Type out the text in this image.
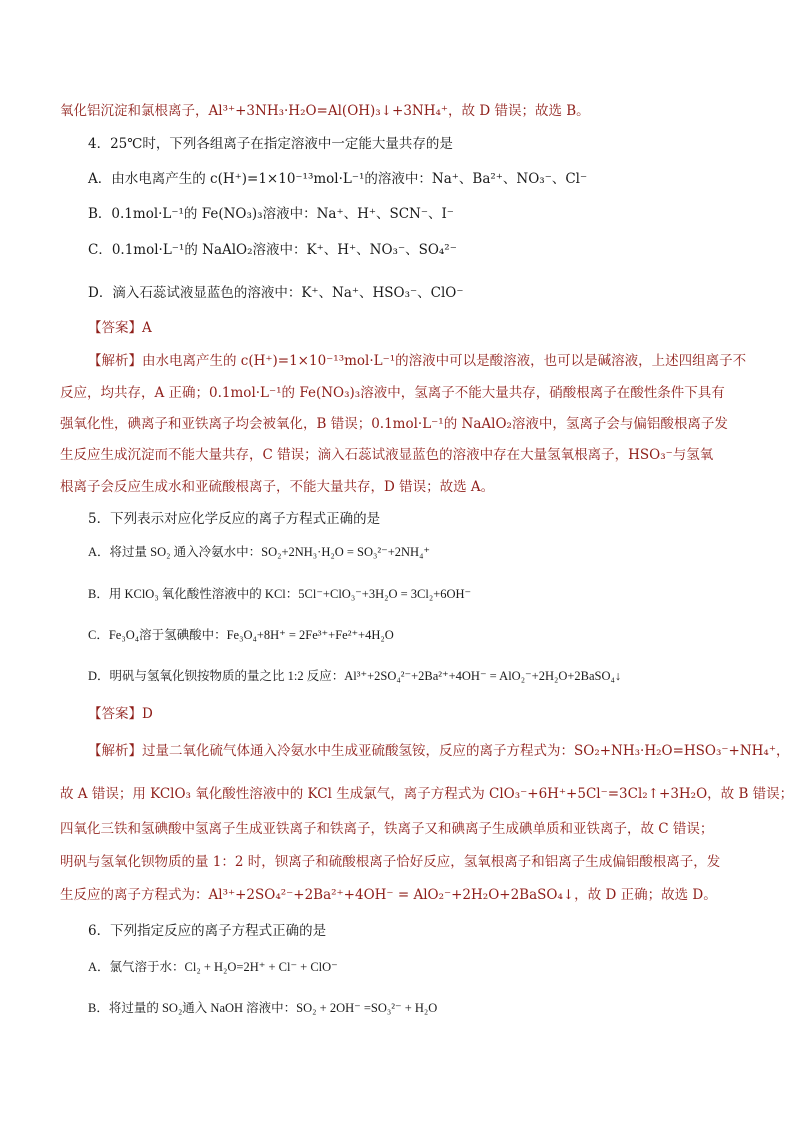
氧化铝沉淀和氯根离子，Al³⁺+3NH₃·H₂O=Al(OH)₃↓+3NH₄⁺，故 D 错误；故选 B。
4．25℃时，下列各组离子在指定溶液中一定能大量共存的是
A．由水电离产生的 c(H⁺)=1×10⁻¹³mol·L⁻¹的溶液中：Na⁺、Ba²⁺、NO₃⁻、Cl⁻
B．0.1mol·L⁻¹的 Fe(NO₃)₃溶液中：Na⁺、H⁺、SCN⁻、I⁻
C．0.1mol·L⁻¹的 NaAlO₂溶液中：K⁺、H⁺、NO₃⁻、SO₄²⁻
D．滴入石蕊试液显蓝色的溶液中：K⁺、Na⁺、HSO₃⁻、ClO⁻
【答案】A
【解析】由水电离产生的 c(H⁺)=1×10⁻¹³mol·L⁻¹的溶液中可以是酸溶液，也可以是碱溶液，上述四组离子不
反应，均共存，A 正确；0.1mol·L⁻¹的 Fe(NO₃)₃溶液中，氢离子不能大量共存，硝酸根离子在酸性条件下具有
强氧化性，碘离子和亚铁离子均会被氧化，B 错误；0.1mol·L⁻¹的 NaAlO₂溶液中，氢离子会与偏铝酸根离子发
生反应生成沉淀而不能大量共存，C 错误；滴入石蕊试液显蓝色的溶液中存在大量氢氧根离子，HSO₃⁻与氢氧
根离子会反应生成水和亚硫酸根离子，不能大量共存，D 错误；故选 A。
5．下列表示对应化学反应的离子方程式正确的是
A．将过量 SO₂ 通入冷氨水中：SO₂+2NH₃·H₂O = SO₃²⁻+2NH₄⁺
B．用 KClO₃ 氧化酸性溶液中的 KCl：5Cl⁻+ClO₃⁻+3H₂O = 3Cl₂+6OH⁻
C．Fe₃O₄溶于氢碘酸中：Fe₃O₄+8H⁺ = 2Fe³⁺+Fe²⁺+4H₂O
D．明矾与氢氧化钡按物质的量之比 1:2 反应：Al³⁺+2SO₄²⁻+2Ba²⁺+4OH⁻ = AlO₂⁻+2H₂O+2BaSO₄↓
【答案】D
【解析】过量二氧化硫气体通入冷氨水中生成亚硫酸氢铵，反应的离子方程式为：SO₂+NH₃·H₂O=HSO₃⁻+NH₄⁺，
故 A 错误；用 KClO₃ 氧化酸性溶液中的 KCl 生成氯气，离子方程式为 ClO₃⁻+6H⁺+5Cl⁻=3Cl₂↑+3H₂O，故 B 错误；
四氧化三铁和氢碘酸中氢离子生成亚铁离子和铁离子，铁离子又和碘离子生成碘单质和亚铁离子，故 C 错误；
明矾与氢氧化钡物质的量 1：2 时，钡离子和硫酸根离子恰好反应，氢氧根离子和铝离子生成偏铝酸根离子，发
生反应的离子方程式为：Al³⁺+2SO₄²⁻+2Ba²⁺+4OH⁻ = AlO₂⁻+2H₂O+2BaSO₄↓，故 D 正确；故选 D。
6．下列指定反应的离子方程式正确的是
A．氯气溶于水：Cl₂ + H₂O=2H⁺ + Cl⁻ + ClO⁻
B．将过量的 SO₂通入 NaOH 溶液中：SO₂ + 2OH⁻ =SO₃²⁻ + H₂O
